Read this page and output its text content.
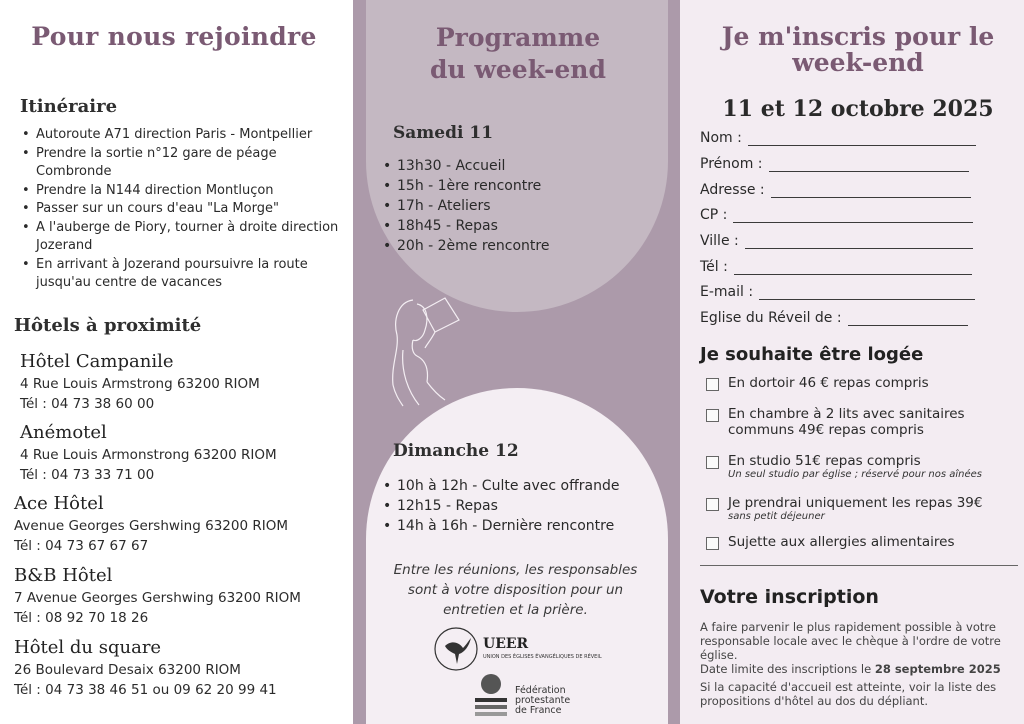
Pour nous rejoindre
Itinéraire
• Autoroute A71 direction Paris - Montpellier
• Prendre la sortie n°12 gare de péage Combronde
• Prendre la N144 direction Montluçon
• Passer sur un cours d'eau "La Morge"
• A l'auberge de Piory, tourner à droite direction Jozerand
• En arrivant à Jozerand poursuivre la route jusqu'au centre de vacances
Hôtels à proximité
Hôtel Campanile
4 Rue Louis Armstrong 63200 RIOM
Tél : 04 73 38 60 00
Anémotel
4 Rue Louis Armonstrong 63200 RIOM
Tél : 04 73 33 71 00
Ace Hôtel
Avenue Georges Gershwing 63200 RIOM
Tél : 04 73 67 67 67
B&B Hôtel
7 Avenue Georges Gershwing 63200 RIOM
Tél : 08 92 70 18 26
Hôtel du square
26 Boulevard Desaix 63200 RIOM
Tél : 04 73 38 46 51 ou 09 62 20 99 41
Programme
du week-end
Samedi 11
• 13h30 - Accueil
• 15h - 1ère rencontre
• 17h - Ateliers
• 18h45 - Repas
• 20h - 2ème rencontre
Dimanche 12
• 10h à 12h - Culte avec offrande
• 12h15 - Repas
• 14h à 16h - Dernière rencontre
Entre les réunions, les responsables sont à votre disposition pour un entretien et la prière.
UEER
UNION DES ÉGLISES ÉVANGÉLIQUES DE RÉVEIL
Fédération
protestante
de France
Je m'inscris pour le
week-end
11 et 12 octobre 2025
Nom :
Prénom :
Adresse :
CP :
Ville :
Tél :
E-mail :
Eglise du Réveil de :
Je souhaite être logée
En dortoir 46 € repas compris
En chambre à 2 lits avec sanitaires communs 49€ repas compris
En studio 51€ repas compris
Un seul studio par église ; réservé pour nos aînées
Je prendrai uniquement les repas 39€
sans petit déjeuner
Sujette aux allergies alimentaires
Votre inscription

A faire parvenir le plus rapidement possible à votre responsable locale avec le chèque à l'ordre de votre église.

Date limite des inscriptions le 28 septembre 2025

Si la capacité d'accueil est atteinte, voir la liste des propositions d'hôtel au dos du dépliant.
